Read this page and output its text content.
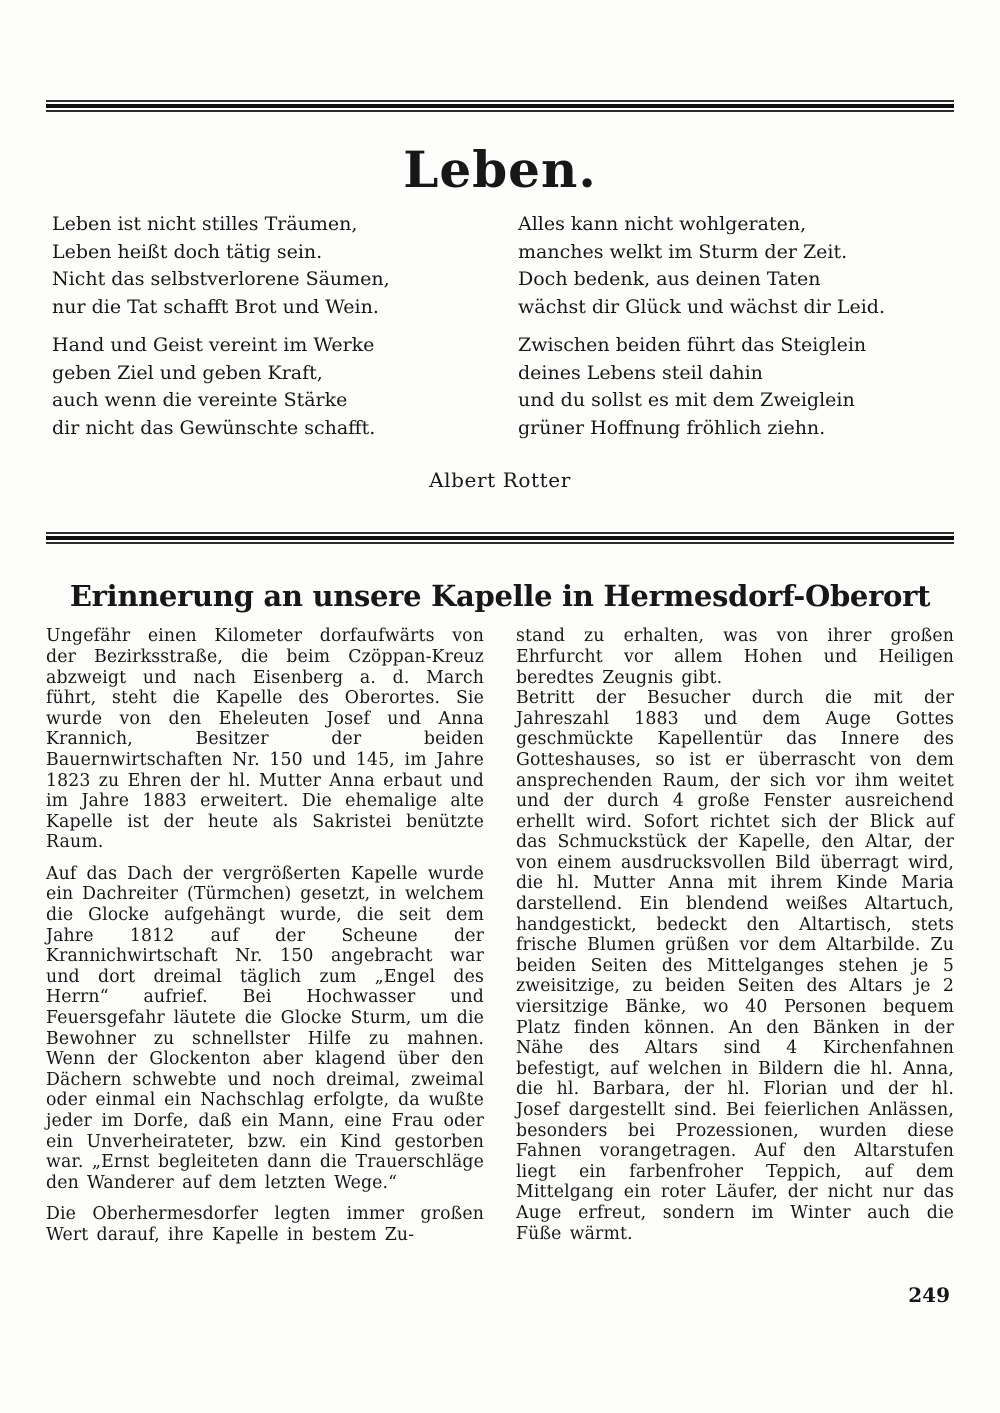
Leben.
Leben ist nicht stilles Träumen,
Leben heißt doch tätig sein.
Nicht das selbstverlorene Säumen,
nur die Tat schafft Brot und Wein.
Hand und Geist vereint im Werke
geben Ziel und geben Kraft,
auch wenn die vereinte Stärke
dir nicht das Gewünschte schafft.
Alles kann nicht wohlgeraten,
manches welkt im Sturm der Zeit.
Doch bedenk, aus deinen Taten
wächst dir Glück und wächst dir Leid.
Zwischen beiden führt das Steiglein
deines Lebens steil dahin
und du sollst es mit dem Zweiglein
grüner Hoffnung fröhlich ziehn.
Albert Rotter
Erinnerung an unsere Kapelle in Hermesdorf-Oberort

Ungefähr einen Kilometer dorfaufwärts von der Bezirksstraße, die beim Czöppan-Kreuz abzweigt und nach Eisenberg a. d. March führt, steht die Kapelle des Oberortes. Sie wurde von den Eheleuten Josef und Anna Krannich, Besitzer der beiden Bauernwirtschaften Nr. 150 und 145, im Jahre 1823 zu Ehren der hl. Mutter Anna erbaut und im Jahre 1883 erweitert. Die ehemalige alte Kapelle ist der heute als Sakristei benützte Raum.

Auf das Dach der vergrößerten Kapelle wurde ein Dachreiter (Türmchen) gesetzt, in welchem die Glocke aufgehängt wurde, die seit dem Jahre 1812 auf der Scheune der Krannichwirtschaft Nr. 150 angebracht war und dort dreimal täglich zum „Engel des Herrn“ aufrief. Bei Hochwasser und Feuersgefahr läutete die Glocke Sturm, um die Bewohner zu schnellster Hilfe zu mahnen. Wenn der Glockenton aber klagend über den Dächern schwebte und noch dreimal, zweimal oder einmal ein Nachschlag erfolgte, da wußte jeder im Dorfe, daß ein Mann, eine Frau oder ein Unverheirateter, bzw. ein Kind gestorben war. „Ernst begleiteten dann die Trauerschläge den Wanderer auf dem letzten Wege.“

Die Oberhermesdorfer legten immer großen Wert darauf, ihre Kapelle in bestem Zu-

stand zu erhalten, was von ihrer großen Ehrfurcht vor allem Hohen und Heiligen beredtes Zeugnis gibt.

Betritt der Besucher durch die mit der Jahreszahl 1883 und dem Auge Gottes geschmückte Kapellentür das Innere des Gotteshauses, so ist er überrascht von dem ansprechenden Raum, der sich vor ihm weitet und der durch 4 große Fenster ausreichend erhellt wird. Sofort richtet sich der Blick auf das Schmuckstück der Kapelle, den Altar, der von einem ausdrucksvollen Bild überragt wird, die hl. Mutter Anna mit ihrem Kinde Maria darstellend. Ein blendend weißes Altartuch, handgestickt, bedeckt den Altartisch, stets frische Blumen grüßen vor dem Altarbilde. Zu beiden Seiten des Mittelganges stehen je 5 zweisitzige, zu beiden Seiten des Altars je 2 viersitzige Bänke, wo 40 Personen bequem Platz finden können. An den Bänken in der Nähe des Altars sind 4 Kirchenfahnen befestigt, auf welchen in Bildern die hl. Anna, die hl. Barbara, der hl. Florian und der hl. Josef dargestellt sind. Bei feierlichen Anlässen, besonders bei Prozessionen, wurden diese Fahnen vorangetragen. Auf den Altarstufen liegt ein farbenfroher Teppich, auf dem Mittelgang ein roter Läufer, der nicht nur das Auge erfreut, sondern im Winter auch die Füße wärmt.

249
